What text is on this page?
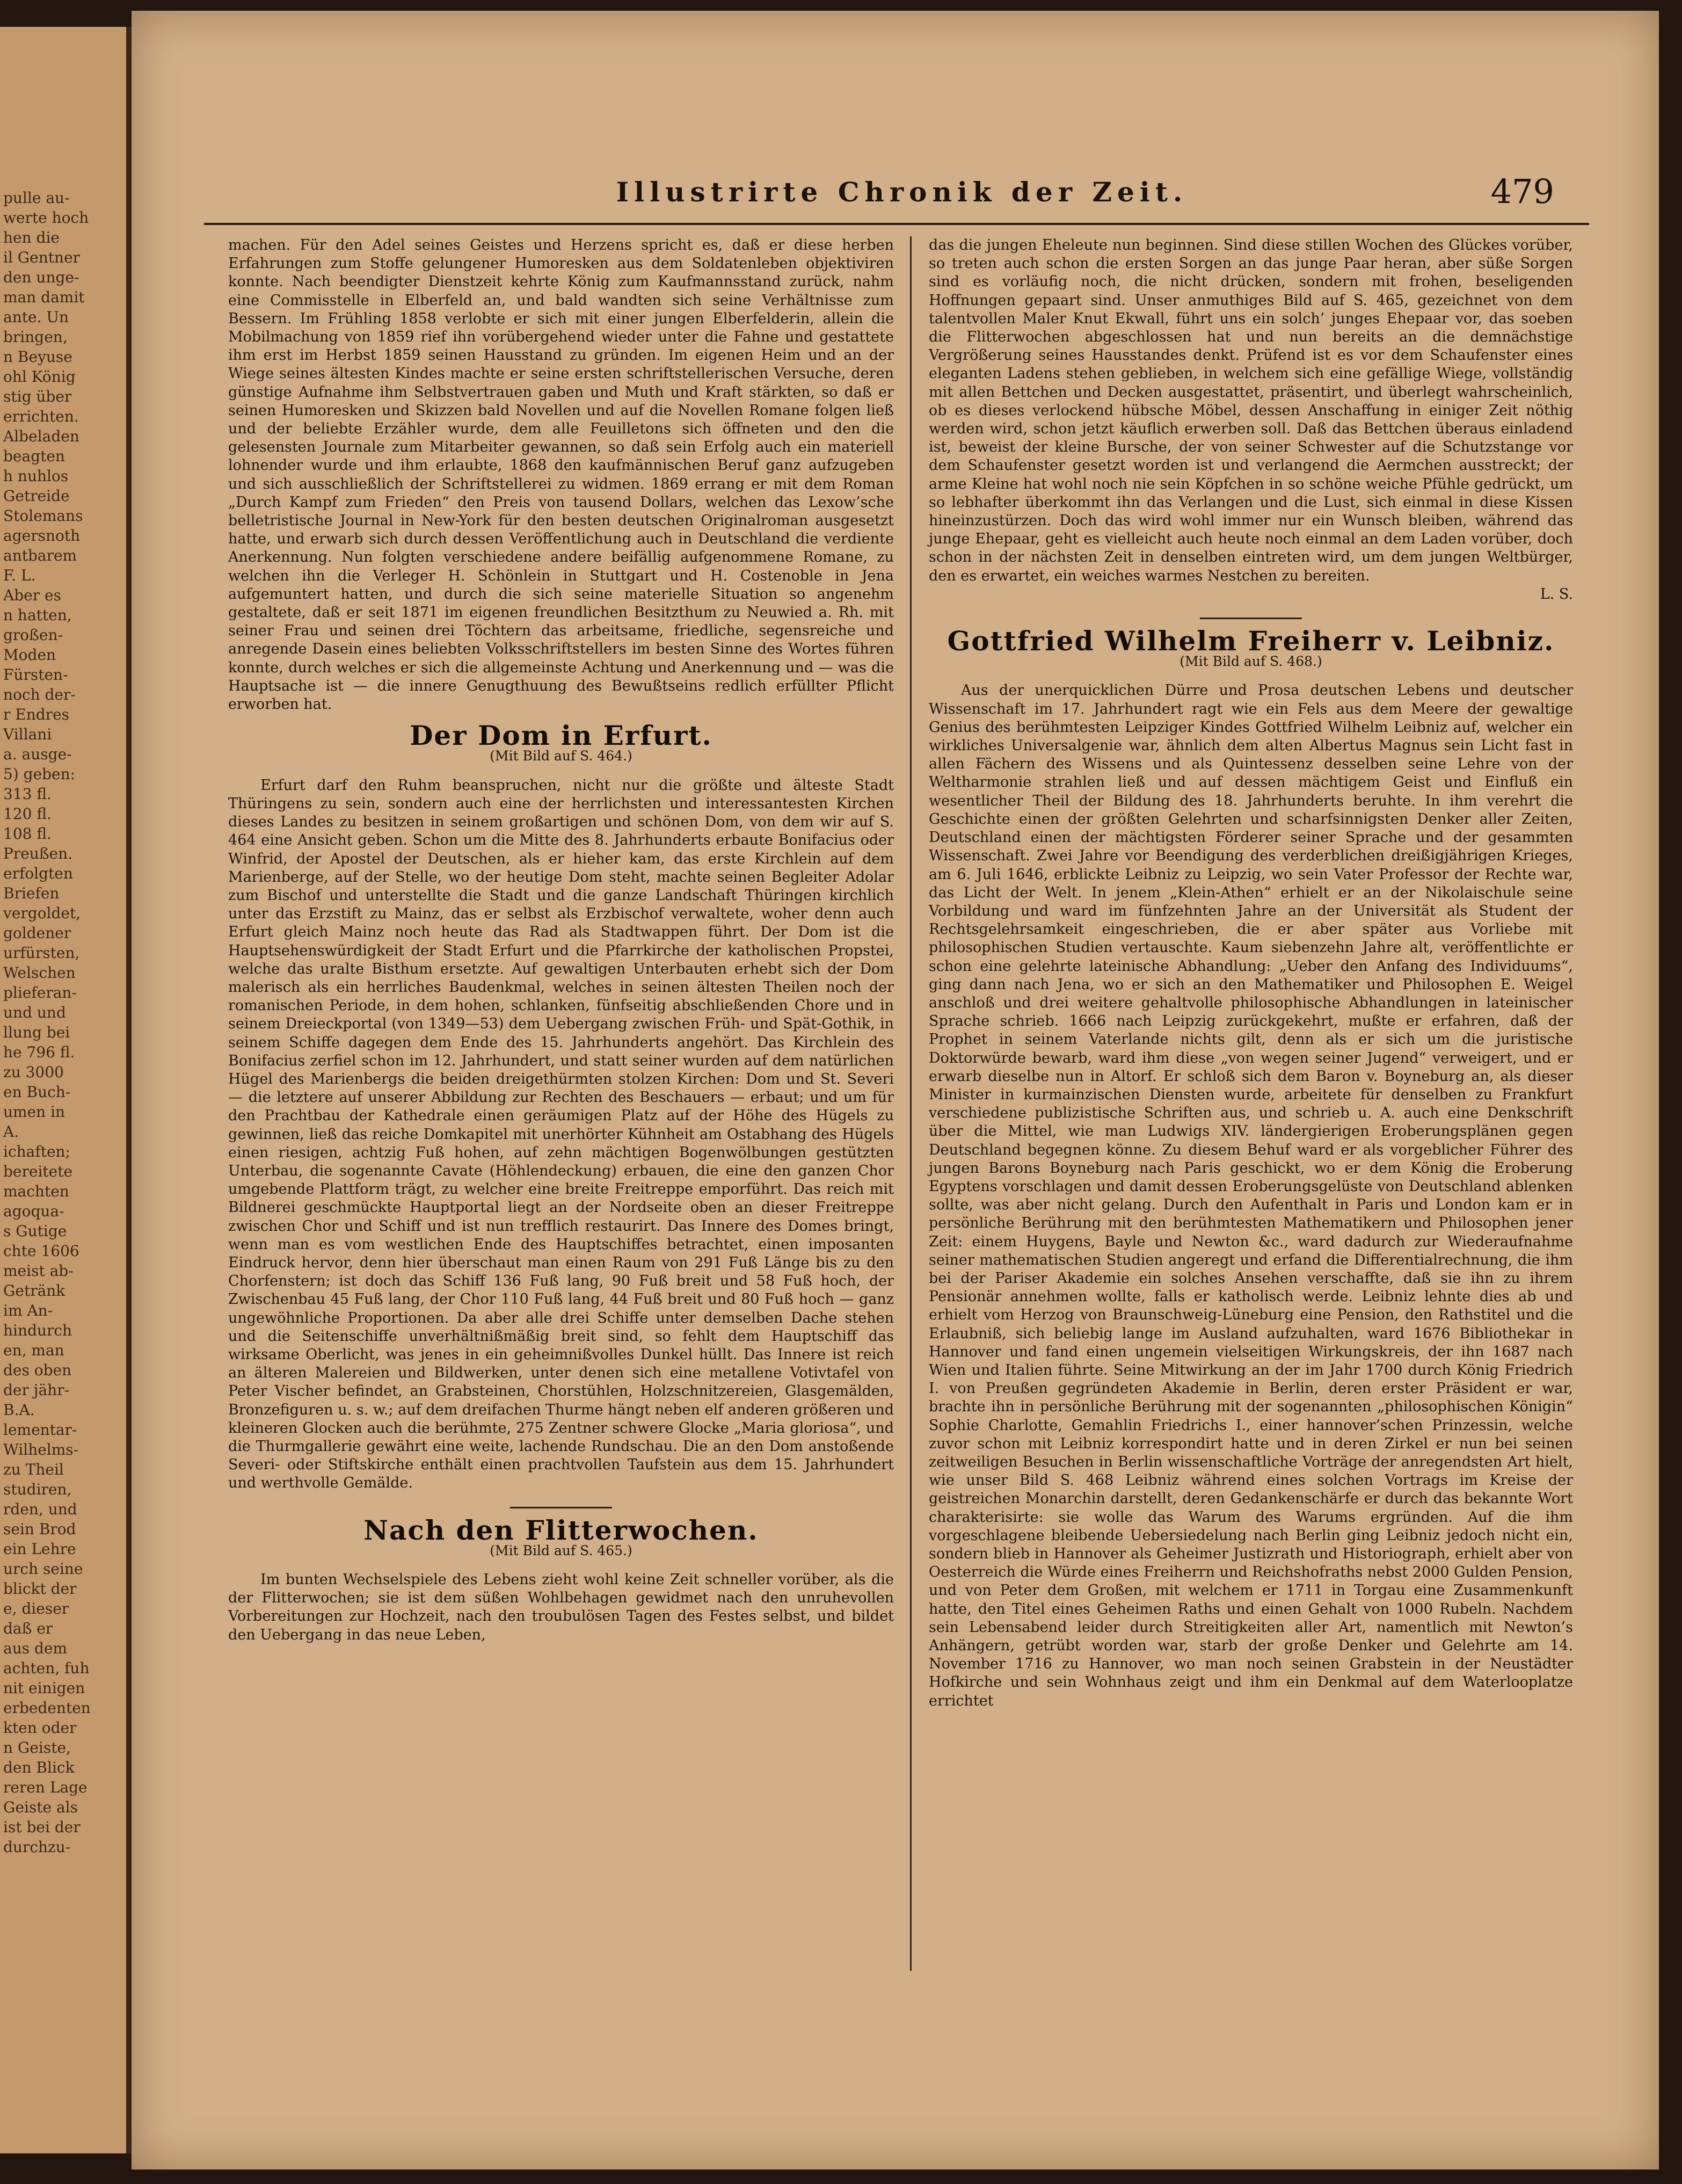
pulle au-
werte hoch
hen die
il Gentner
den unge-
man damit
ante. Un
bringen,
n Beyuse
ohl König
stig über
errichten.
Albeladen
beagten
h nuhlos
Getreide
Stolemans
agersnoth
antbarem
F. L.
Aber es
n hatten,
großen-
Moden
Fürsten-
noch der-
r Endres
Villani
a. ausge-
5) geben:
313 fl.
120 fl.
108 fl.
Preußen.
erfolgten
Briefen
vergoldet,
goldener
urfürsten,
Welschen
plieferan-
und und
llung bei
he 796 fl.
zu 3000
en Buch-
umen in
A.
ichaften;
bereitete
machten
agoqua-
s Gutige
chte 1606
meist ab-
Getränk
im An-
hindurch
en, man
des oben
der jähr-
B.A.
lementar-
Wilhelms-
zu Theil
studiren,
rden, und
sein Brod
ein Lehre
urch seine
blickt der
e, dieser
daß er
aus dem
achten, fuh
nit einigen
erbedenten
kten oder
n Geiste,
den Blick
reren Lage
Geiste als
ist bei der
durchzu-
Illustrirte Chronik der Zeit.	479

machen. Für den Adel seines Geistes und Herzens spricht es, daß er diese herben Erfahrungen zum Stoffe gelungener Humoresken aus dem Soldatenleben objektiviren konnte. Nach beendigter Dienstzeit kehrte König zum Kaufmannsstand zurück, nahm eine Commisstelle in Elberfeld an, und bald wandten sich seine Verhältnisse zum Bessern. Im Frühling 1858 verlobte er sich mit einer jungen Elberfelderin, allein die Mobilmachung von 1859 rief ihn vorübergehend wieder unter die Fahne und gestattete ihm erst im Herbst 1859 seinen Hausstand zu gründen. Im eigenen Heim und an der Wiege seines ältesten Kindes machte er seine ersten schriftstellerischen Versuche, deren günstige Aufnahme ihm Selbstvertrauen gaben und Muth und Kraft stärkten, so daß er seinen Humoresken und Skizzen bald Novellen und auf die Novellen Romane folgen ließ und der beliebte Erzähler wurde, dem alle Feuilletons sich öffneten und den die gelesensten Journale zum Mitarbeiter gewannen, so daß sein Erfolg auch ein materiell lohnender wurde und ihm erlaubte, 1868 den kaufmännischen Beruf ganz aufzugeben und sich ausschließlich der Schriftstellerei zu widmen. 1869 errang er mit dem Roman „Durch Kampf zum Frieden“ den Preis von tausend Dollars, welchen das Lexow’sche belletristische Journal in New-York für den besten deutschen Originalroman ausgesetzt hatte, und erwarb sich durch dessen Veröffentlichung auch in Deutschland die verdiente Anerkennung. Nun folgten verschiedene andere beifällig aufgenommene Romane, zu welchen ihn die Verleger H. Schönlein in Stuttgart und H. Costenoble in Jena aufgemuntert hatten, und durch die sich seine materielle Situation so angenehm gestaltete, daß er seit 1871 im eigenen freundlichen Besitzthum zu Neuwied a. Rh. mit seiner Frau und seinen drei Töchtern das arbeitsame, friedliche, segensreiche und anregende Dasein eines beliebten Volksschriftstellers im besten Sinne des Wortes führen konnte, durch welches er sich die allgemeinste Achtung und Anerkennung und — was die Hauptsache ist — die innere Genugthuung des Bewußtseins redlich erfüllter Pflicht erworben hat.

Der Dom in Erfurt.
(Mit Bild auf S. 464.)

Erfurt darf den Ruhm beanspruchen, nicht nur die größte und älteste Stadt Thüringens zu sein, sondern auch eine der herrlichsten und interessantesten Kirchen dieses Landes zu besitzen in seinem großartigen und schönen Dom, von dem wir auf S. 464 eine Ansicht geben. Schon um die Mitte des 8. Jahrhunderts erbaute Bonifacius oder Winfrid, der Apostel der Deutschen, als er hieher kam, das erste Kirchlein auf dem Marienberge, auf der Stelle, wo der heutige Dom steht, machte seinen Begleiter Adolar zum Bischof und unterstellte die Stadt und die ganze Landschaft Thüringen kirchlich unter das Erzstift zu Mainz, das er selbst als Erzbischof verwaltete, woher denn auch Erfurt gleich Mainz noch heute das Rad als Stadtwappen führt. Der Dom ist die Hauptsehenswürdigkeit der Stadt Erfurt und die Pfarrkirche der katholischen Propstei, welche das uralte Bisthum ersetzte. Auf gewaltigen Unterbauten erhebt sich der Dom malerisch als ein herrliches Baudenkmal, welches in seinen ältesten Theilen noch der romanischen Periode, in dem hohen, schlanken, fünfseitig abschließenden Chore und in seinem Dreieckportal (von 1349—53) dem Uebergang zwischen Früh- und Spät-Gothik, in seinem Schiffe dagegen dem Ende des 15. Jahrhunderts angehört. Das Kirchlein des Bonifacius zerfiel schon im 12. Jahrhundert, und statt seiner wurden auf dem natürlichen Hügel des Marienbergs die beiden dreigethürmten stolzen Kirchen: Dom und St. Severi — die letztere auf unserer Abbildung zur Rechten des Beschauers — erbaut; und um für den Prachtbau der Kathedrale einen geräumigen Platz auf der Höhe des Hügels zu gewinnen, ließ das reiche Domkapitel mit unerhörter Kühnheit am Ostabhang des Hügels einen riesigen, achtzig Fuß hohen, auf zehn mächtigen Bogenwölbungen gestützten Unterbau, die sogenannte Cavate (Höhlendeckung) erbauen, die eine den ganzen Chor umgebende Plattform trägt, zu welcher eine breite Freitreppe emporführt. Das reich mit Bildnerei geschmückte Hauptportal liegt an der Nordseite oben an dieser Freitreppe zwischen Chor und Schiff und ist nun trefflich restaurirt. Das Innere des Domes bringt, wenn man es vom westlichen Ende des Hauptschiffes betrachtet, einen imposanten Eindruck hervor, denn hier überschaut man einen Raum von 291 Fuß Länge bis zu den Chorfenstern; ist doch das Schiff 136 Fuß lang, 90 Fuß breit und 58 Fuß hoch, der Zwischenbau 45 Fuß lang, der Chor 110 Fuß lang, 44 Fuß breit und 80 Fuß hoch — ganz ungewöhnliche Proportionen. Da aber alle drei Schiffe unter demselben Dache stehen und die Seitenschiffe unverhältnißmäßig breit sind, so fehlt dem Hauptschiff das wirksame Oberlicht, was jenes in ein geheimnißvolles Dunkel hüllt. Das Innere ist reich an älteren Malereien und Bildwerken, unter denen sich eine metallene Votivtafel von Peter Vischer befindet, an Grabsteinen, Chorstühlen, Holzschnitzereien, Glasgemälden, Bronzefiguren u. s. w.; auf dem dreifachen Thurme hängt neben elf anderen größeren und kleineren Glocken auch die berühmte, 275 Zentner schwere Glocke „Maria gloriosa“, und die Thurmgallerie gewährt eine weite, lachende Rundschau. Die an den Dom anstoßende Severi- oder Stiftskirche enthält einen prachtvollen Taufstein aus dem 15. Jahrhundert und werthvolle Gemälde.

Nach den Flitterwochen.
(Mit Bild auf S. 465.)

Im bunten Wechselspiele des Lebens zieht wohl keine Zeit schneller vorüber, als die der Flitterwochen; sie ist dem süßen Wohlbehagen gewidmet nach den unruhevollen Vorbereitungen zur Hochzeit, nach den troubulösen Tagen des Festes selbst, und bildet den Uebergang in das neue Leben,

das die jungen Eheleute nun beginnen. Sind diese stillen Wochen des Glückes vorüber, so treten auch schon die ersten Sorgen an das junge Paar heran, aber süße Sorgen sind es vorläufig noch, die nicht drücken, sondern mit frohen, beseligenden Hoffnungen gepaart sind. Unser anmuthiges Bild auf S. 465, gezeichnet von dem talentvollen Maler Knut Ekwall, führt uns ein solch’ junges Ehepaar vor, das soeben die Flitterwochen abgeschlossen hat und nun bereits an die demnächstige Vergrößerung seines Hausstandes denkt. Prüfend ist es vor dem Schaufenster eines eleganten Ladens stehen geblieben, in welchem sich eine gefällige Wiege, vollständig mit allen Bettchen und Decken ausgestattet, präsentirt, und überlegt wahrscheinlich, ob es dieses verlockend hübsche Möbel, dessen Anschaffung in einiger Zeit nöthig werden wird, schon jetzt käuflich erwerben soll. Daß das Bettchen überaus einladend ist, beweist der kleine Bursche, der von seiner Schwester auf die Schutzstange vor dem Schaufenster gesetzt worden ist und verlangend die Aermchen ausstreckt; der arme Kleine hat wohl noch nie sein Köpfchen in so schöne weiche Pfühle gedrückt, um so lebhafter überkommt ihn das Verlangen und die Lust, sich einmal in diese Kissen hineinzustürzen. Doch das wird wohl immer nur ein Wunsch bleiben, während das junge Ehepaar, geht es vielleicht auch heute noch einmal an dem Laden vorüber, doch schon in der nächsten Zeit in denselben eintreten wird, um dem jungen Weltbürger, den es erwartet, ein weiches warmes Nestchen zu bereiten.

L. S.
Gottfried Wilhelm Freiherr v. Leibniz.
(Mit Bild auf S. 468.)

Aus der unerquicklichen Dürre und Prosa deutschen Lebens und deutscher Wissenschaft im 17. Jahrhundert ragt wie ein Fels aus dem Meere der gewaltige Genius des berühmtesten Leipziger Kindes Gottfried Wilhelm Leibniz auf, welcher ein wirkliches Universalgenie war, ähnlich dem alten Albertus Magnus sein Licht fast in allen Fächern des Wissens und als Quintessenz desselben seine Lehre von der Weltharmonie strahlen ließ und auf dessen mächtigem Geist und Einfluß ein wesentlicher Theil der Bildung des 18. Jahrhunderts beruhte. In ihm verehrt die Geschichte einen der größten Gelehrten und scharfsinnigsten Denker aller Zeiten, Deutschland einen der mächtigsten Förderer seiner Sprache und der gesammten Wissenschaft. Zwei Jahre vor Beendigung des verderblichen dreißigjährigen Krieges, am 6. Juli 1646, erblickte Leibniz zu Leipzig, wo sein Vater Professor der Rechte war, das Licht der Welt. In jenem „Klein-Athen“ erhielt er an der Nikolaischule seine Vorbildung und ward im fünfzehnten Jahre an der Universität als Student der Rechtsgelehrsamkeit eingeschrieben, die er aber später aus Vorliebe mit philosophischen Studien vertauschte. Kaum siebenzehn Jahre alt, veröffentlichte er schon eine gelehrte lateinische Abhandlung: „Ueber den Anfang des Individuums“, ging dann nach Jena, wo er sich an den Mathematiker und Philosophen E. Weigel anschloß und drei weitere gehaltvolle philosophische Abhandlungen in lateinischer Sprache schrieb. 1666 nach Leipzig zurückgekehrt, mußte er erfahren, daß der Prophet in seinem Vaterlande nichts gilt, denn als er sich um die juristische Doktorwürde bewarb, ward ihm diese „von wegen seiner Jugend“ verweigert, und er erwarb dieselbe nun in Altorf. Er schloß sich dem Baron v. Boyneburg an, als dieser Minister in kurmainzischen Diensten wurde, arbeitete für denselben zu Frankfurt verschiedene publizistische Schriften aus, und schrieb u. A. auch eine Denkschrift über die Mittel, wie man Ludwigs XIV. ländergierigen Eroberungsplänen gegen Deutschland begegnen könne. Zu diesem Behuf ward er als vorgeblicher Führer des jungen Barons Boyneburg nach Paris geschickt, wo er dem König die Eroberung Egyptens vorschlagen und damit dessen Eroberungsgelüste von Deutschland ablenken sollte, was aber nicht gelang. Durch den Aufenthalt in Paris und London kam er in persönliche Berührung mit den berühmtesten Mathematikern und Philosophen jener Zeit: einem Huygens, Bayle und Newton &c., ward dadurch zur Wiederaufnahme seiner mathematischen Studien angeregt und erfand die Differentialrechnung, die ihm bei der Pariser Akademie ein solches Ansehen verschaffte, daß sie ihn zu ihrem Pensionär annehmen wollte, falls er katholisch werde. Leibniz lehnte dies ab und erhielt vom Herzog von Braunschweig-Lüneburg eine Pension, den Rathstitel und die Erlaubniß, sich beliebig lange im Ausland aufzuhalten, ward 1676 Bibliothekar in Hannover und fand einen ungemein vielseitigen Wirkungskreis, der ihn 1687 nach Wien und Italien führte. Seine Mitwirkung an der im Jahr 1700 durch König Friedrich I. von Preußen gegründeten Akademie in Berlin, deren erster Präsident er war, brachte ihn in persönliche Berührung mit der sogenannten „philosophischen Königin“ Sophie Charlotte, Gemahlin Friedrichs I., einer hannover’schen Prinzessin, welche zuvor schon mit Leibniz korrespondirt hatte und in deren Zirkel er nun bei seinen zeitweiligen Besuchen in Berlin wissenschaftliche Vorträge der anregendsten Art hielt, wie unser Bild S. 468 Leibniz während eines solchen Vortrags im Kreise der geistreichen Monarchin darstellt, deren Gedankenschärfe er durch das bekannte Wort charakterisirte: sie wolle das Warum des Warums ergründen. Auf die ihm vorgeschlagene bleibende Uebersiedelung nach Berlin ging Leibniz jedoch nicht ein, sondern blieb in Hannover als Geheimer Justizrath und Historiograph, erhielt aber von Oesterreich die Würde eines Freiherrn und Reichshofraths nebst 2000 Gulden Pension, und von Peter dem Großen, mit welchem er 1711 in Torgau eine Zusammenkunft hatte, den Titel eines Geheimen Raths und einen Gehalt von 1000 Rubeln. Nachdem sein Lebensabend leider durch Streitigkeiten aller Art, namentlich mit Newton’s Anhängern, getrübt worden war, starb der große Denker und Gelehrte am 14. November 1716 zu Hannover, wo man noch seinen Grabstein in der Neustädter Hofkirche und sein Wohnhaus zeigt und ihm ein Denkmal auf dem Waterlooplatze errichtet
